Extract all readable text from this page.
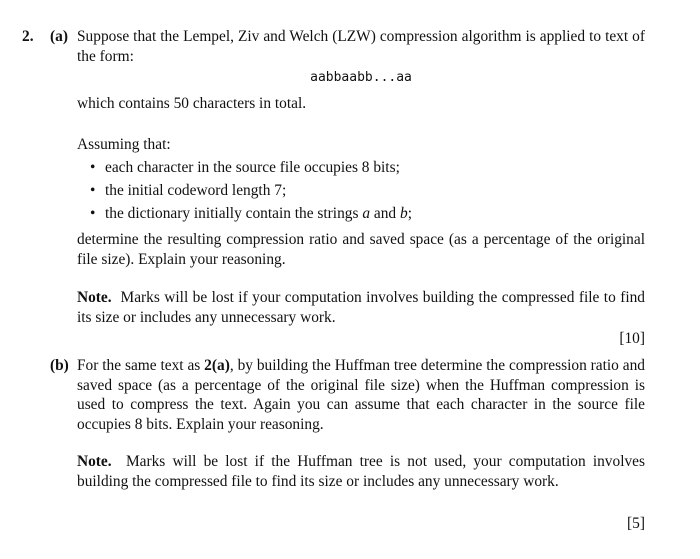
2. (a) Suppose that the Lempel, Ziv and Welch (LZW) compression algorithm is applied to text of the form:
aabbaabb...aa
which contains 50 characters in total.
Assuming that:
• each character in the source file occupies 8 bits;
• the initial codeword length 7;
• the dictionary initially contain the strings a and b;
determine the resulting compression ratio and saved space (as a percentage of the original file size). Explain your reasoning.
Note. Marks will be lost if your computation involves building the compressed file to find its size or includes any unnecessary work.
[10]
(b) For the same text as 2(a), by building the Huffman tree determine the compression ratio and saved space (as a percentage of the original file size) when the Huffman compression is used to compress the text. Again you can assume that each character in the source file occupies 8 bits. Explain your reasoning.
Note. Marks will be lost if the Huffman tree is not used, your computation involves building the compressed file to find its size or includes any unnecessary work.
[5]
